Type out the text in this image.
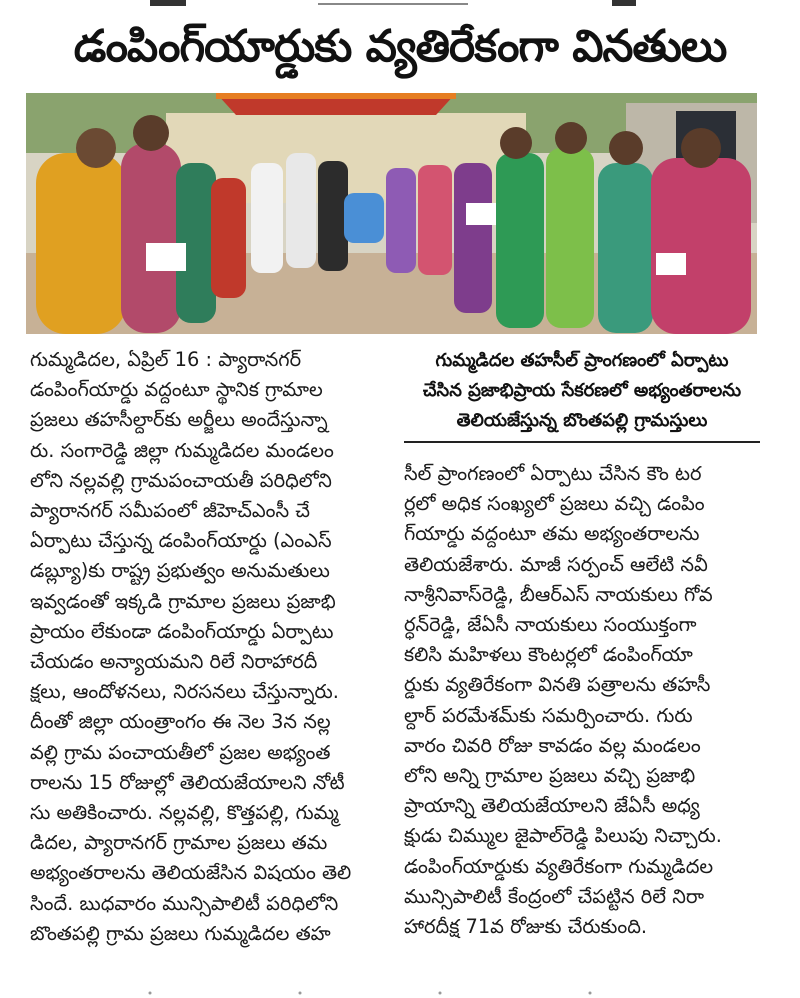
డంపింగ్‌యార్డుకు వ్యతిరేకంగా వినతులు
గుమ్మడిదల, ఏప్రిల్‌ 16 : ప్యారానగర్‌
డంపింగ్‌యార్డు వద్దంటూ స్థానిక గ్రామాల
ప్రజలు తహసీల్దార్‌కు అర్జీలు అందేస్తున్నా
రు. సంగారెడ్డి జిల్లా గుమ్మడిదల మండలం
లోని నల్లవల్లి గ్రామపంచాయతీ పరిధిలోని
ప్యారానగర్‌ సమీపంలో జీహెచ్‌ఎంసీ చే
ఏర్పాటు చేస్తున్న డంపింగ్‌యార్డు (ఎంఎస్‌
డబ్ల్యూ)కు రాష్ట్ర ప్రభుత్వం అనుమతులు
ఇవ్వడంతో ఇక్కడి గ్రామాల ప్రజలు ప్రజాభి
ప్రాయం లేకుండా డంపింగ్‌యార్డు ఏర్పాటు
చేయడం అన్యాయమని రిలే నిరాహారదీ
క్షలు, ఆందోళనలు, నిరసనలు చేస్తున్నారు.
దీంతో జిల్లా యంత్రాంగం ఈ నెల 3న నల్ల
వల్లి గ్రామ పంచాయతీలో ప్రజల అభ్యంత
రాలను 15 రోజుల్లో తెలియజేయాలని నోటీ
సు అతికించారు. నల్లవల్లి, కొత్తపల్లి, గుమ్మ
డిదల, ప్యారానగర్‌ గ్రామాల ప్రజలు తమ
అభ్యంతరాలను తెలియజేసిన విషయం తెలి
సిందే. బుధవారం మున్సిపాలిటీ పరిధిలోని
బొంతపల్లి గ్రామ ప్రజలు గుమ్మడిదల తహ
గుమ్మడిదల తహసీల్‌ ప్రాంగణంలో ఏర్పాటు
చేసిన ప్రజాభిప్రాయ సేకరణలో అభ్యంతరాలను
తెలియజేస్తున్న బొంతపల్లి గ్రామస్తులు
సీల్‌ ప్రాంగణంలో ఏర్పాటు చేసిన కౌం టర
ర్లలో అధిక సంఖ్యలో ప్రజలు వచ్చి డంపిం
గ్‌యార్డు వద్దంటూ తమ అభ్యంతరాలను
తెలియజేశారు. మాజీ సర్పంచ్‌ ఆలేటి నవీ
నాశ్రీనివాస్‌రెడ్డి, బీఆర్‌ఎస్‌ నాయకులు గోవ
ర్ధన్‌రెడ్డి, జేఏసీ నాయకులు సంయుక్తంగా
కలిసి మహిళలు కౌంటర్లలో డంపింగ్‌యా
ర్డుకు వ్యతిరేకంగా వినతి పత్రాలను తహసీ
ల్దార్‌ పరమేశమ్‌కు సమర్పించారు. గురు
వారం చివరి రోజు కావడం వల్ల మండలం
లోని అన్ని గ్రామాల ప్రజలు వచ్చి ప్రజాభి
ప్రాయాన్ని తెలియజేయాలని జేఏసీ అధ్య
క్షుడు చిమ్ముల జైపాల్‌రెడ్డి పిలుపు నిచ్చారు.
డంపింగ్‌యార్డుకు వ్యతిరేకంగా గుమ్మడిదల
మున్సిపాలిటీ కేంద్రంలో చేపట్టిన రిలే నిరా
హారదీక్ష 71వ రోజుకు చేరుకుంది.
